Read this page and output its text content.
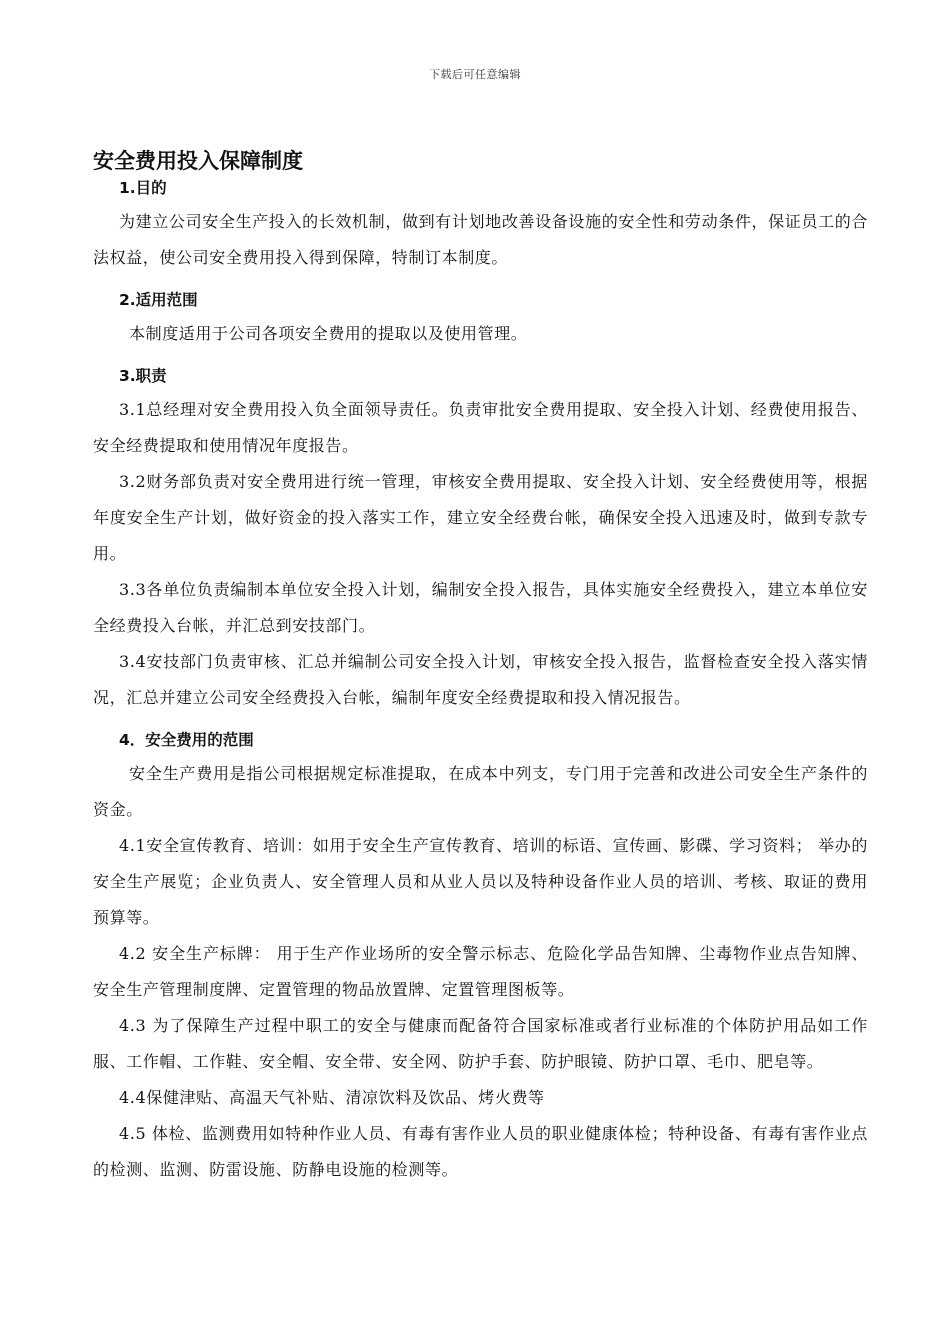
下载后可任意编辑
安全费用投入保障制度
1.目的

为建立公司安全生产投入的长效机制，做到有计划地改善设备设施的安全性和劳动条件，保证员工的合法权益，使公司安全费用投入得到保障，特制订本制度。

2.适用范围

本制度适用于公司各项安全费用的提取以及使用管理。

3.职责

3.1总经理对安全费用投入负全面领导责任。负责审批安全费用提取、安全投入计划、经费使用报告、安全经费提取和使用情况年度报告。

3.2财务部负责对安全费用进行统一管理，审核安全费用提取、安全投入计划、安全经费使用等，根据年度安全生产计划，做好资金的投入落实工作，建立安全经费台帐，确保安全投入迅速及时，做到专款专用。

3.3各单位负责编制本单位安全投入计划，编制安全投入报告，具体实施安全经费投入，建立本单位安全经费投入台帐，并汇总到安技部门。

3.4安技部门负责审核、汇总并编制公司安全投入计划，审核安全投入报告，监督检查安全投入落实情况，汇总并建立公司安全经费投入台帐，编制年度安全经费提取和投入情况报告。

4．安全费用的范围

安全生产费用是指公司根据规定标准提取，在成本中列支，专门用于完善和改进公司安全生产条件的资金。

4.1安全宣传教育、培训：如用于安全生产宣传教育、培训的标语、宣传画、影碟、学习资料； 举办的安全生产展览；企业负责人、安全管理人员和从业人员以及特种设备作业人员的培训、考核、取证的费用预算等。

4.2 安全生产标牌： 用于生产作业场所的安全警示标志、危险化学品告知牌、尘毒物作业点告知牌、安全生产管理制度牌、定置管理的物品放置牌、定置管理图板等。

4.3 为了保障生产过程中职工的安全与健康而配备符合国家标准或者行业标准的个体防护用品如工作服、工作帽、工作鞋、安全帽、安全带、安全网、防护手套、防护眼镜、防护口罩、毛巾、肥皂等。

4.4保健津贴、高温天气补贴、清凉饮料及饮品、烤火费等

4.5 体检、监测费用如特种作业人员、有毒有害作业人员的职业健康体检；特种设备、有毒有害作业点的检测、监测、防雷设施、防静电设施的检测等。
